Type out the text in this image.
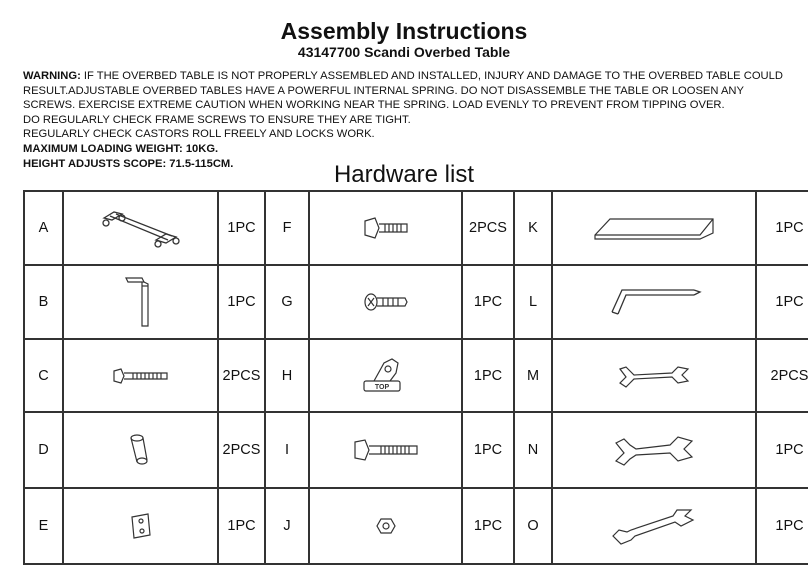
Assembly Instructions
43147700 Scandi Overbed Table
WARNING: IF THE OVERBED TABLE IS NOT PROPERLY ASSEMBLED AND INSTALLED, INJURY AND DAMAGE TO THE OVERBED TABLE COULD RESULT.ADJUSTABLE OVERBED TABLES HAVE A POWERFUL INTERNAL SPRING. DO NOT DISASSEMBLE THE TABLE OR LOOSEN ANY SCREWS. EXERCISE EXTREME CAUTION WHEN WORKING NEAR THE SPRING. LOAD EVENLY TO PREVENT FROM TIPPING OVER.
DO REGULARLY CHECK FRAME SCREWS TO ENSURE THEY ARE TIGHT.
REGULARLY CHECK CASTORS ROLL FREELY AND LOCKS WORK.
MAXIMUM LOADING WEIGHT: 10KG.
HEIGHT ADJUSTS SCOPE: 71.5-115CM.	Hardware list
A		1PC	F		2PCS	K		1PC
B		1PC	G		1PC	L		1PC
C		2PCS	H	TOP	1PC	M		2PCS
D		2PCS	I		1PC	N		1PC
E		1PC	J		1PC	O		1PC
